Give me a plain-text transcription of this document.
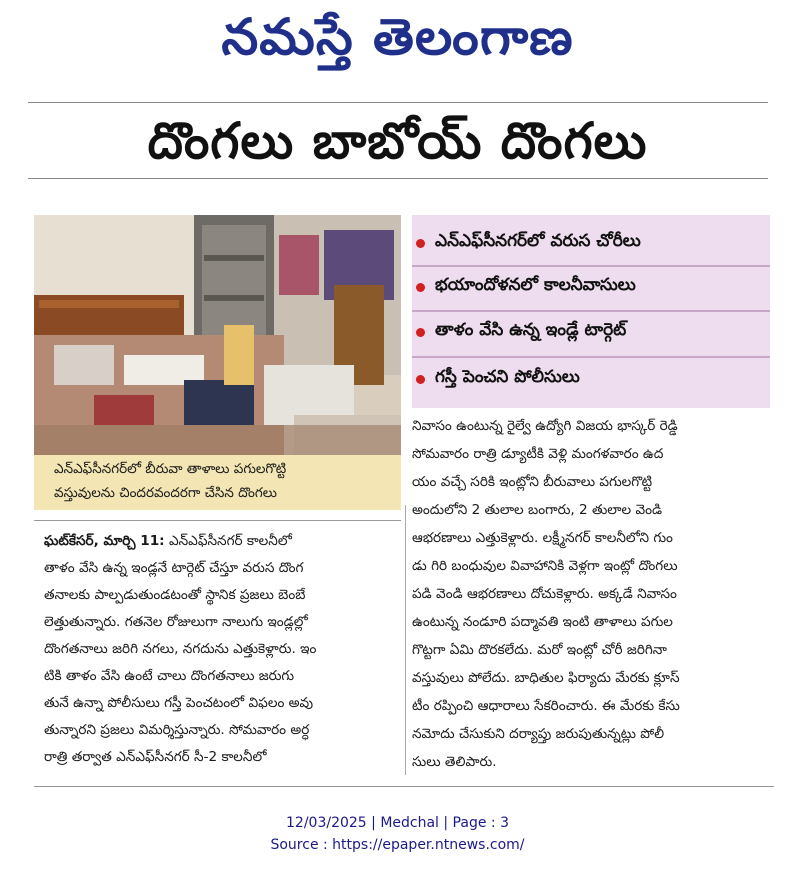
నమస్తే తెలంగాణ
దొంగలు బాబోయ్ దొంగలు
ఎన్‌ఎఫ్‌సీనగర్‌లో బీరువా తాళాలు పగులగొట్టి
వస్తువులను చిందరవందరగా చేసిన దొంగలు
ఎన్‌ఎఫ్‌సీనగర్‌లో వరుస చోరీలు
భయాందోళనలో కాలనీవాసులు
తాళం వేసి ఉన్న ఇండ్లే టార్గెట్
గస్తీ పెంచని పోలీసులు
ఘట్‌కేసర్, మార్చి 11: ఎన్‌ఎఫ్‌సీనగర్ కాలనీలో
తాళం వేసి ఉన్న ఇండ్లనే టార్గెట్ చేస్తూ వరుస దొంగ
తనాలకు పాల్పడుతుండటంతో స్థానిక ప్రజలు బెంబే
లెత్తుతున్నారు. గతనెల రోజులుగా నాలుగు ఇండ్లల్లో
దొంగతనాలు జరిగి నగలు, నగదును ఎత్తుకెళ్లారు. ఇం
టికి తాళం వేసి ఉంటే చాలు దొంగతనాలు జరుగు
తునే ఉన్నా పోలీసులు గస్తీ పెంచటంలో విఫలం అవు
తున్నారని ప్రజలు విమర్శిస్తున్నారు. సోమవారం అర్ధ
రాత్రి తర్వాత ఎన్‌ఎఫ్‌సీనగర్ సీ-2 కాలనీలో
నివాసం ఉంటున్న రైల్వే ఉద్యోగి విజయ భాస్కర్ రెడ్డి
సోమవారం రాత్రి డ్యూటీకి వెళ్లి మంగళవారం ఉద
యం వచ్చే సరికి ఇంట్లోని బీరువాలు పగులగొట్టి
అందులోని 2 తులాల బంగారు, 2 తులాల వెండి
ఆభరణాలు ఎత్తుకెళ్లారు. లక్ష్మీనగర్ కాలనీలోని గుం
డు గిరి బంధువుల వివాహానికి వెళ్లగా ఇంట్లో దొంగలు
పడి వెండి ఆభరణాలు దోచుకెళ్లారు. అక్కడే నివాసం
ఉంటున్న నండూరి పద్మావతి ఇంటి తాళాలు పగుల
గొట్టగా ఏమి దొరకలేదు. మరో ఇంట్లో చోరీ జరిగినా
వస్తువులు పోలేదు. బాధితుల ఫిర్యాదు మేరకు క్లూస్
టీం రప్పించి ఆధారాలు సేకరించారు. ఈ మేరకు కేసు
నమోదు చేసుకుని దర్యాప్తు జరుపుతున్నట్లు పోలీ
సులు తెలిపారు.
12/03/2025 | Medchal | Page : 3
Source : https://epaper.ntnews.com/
